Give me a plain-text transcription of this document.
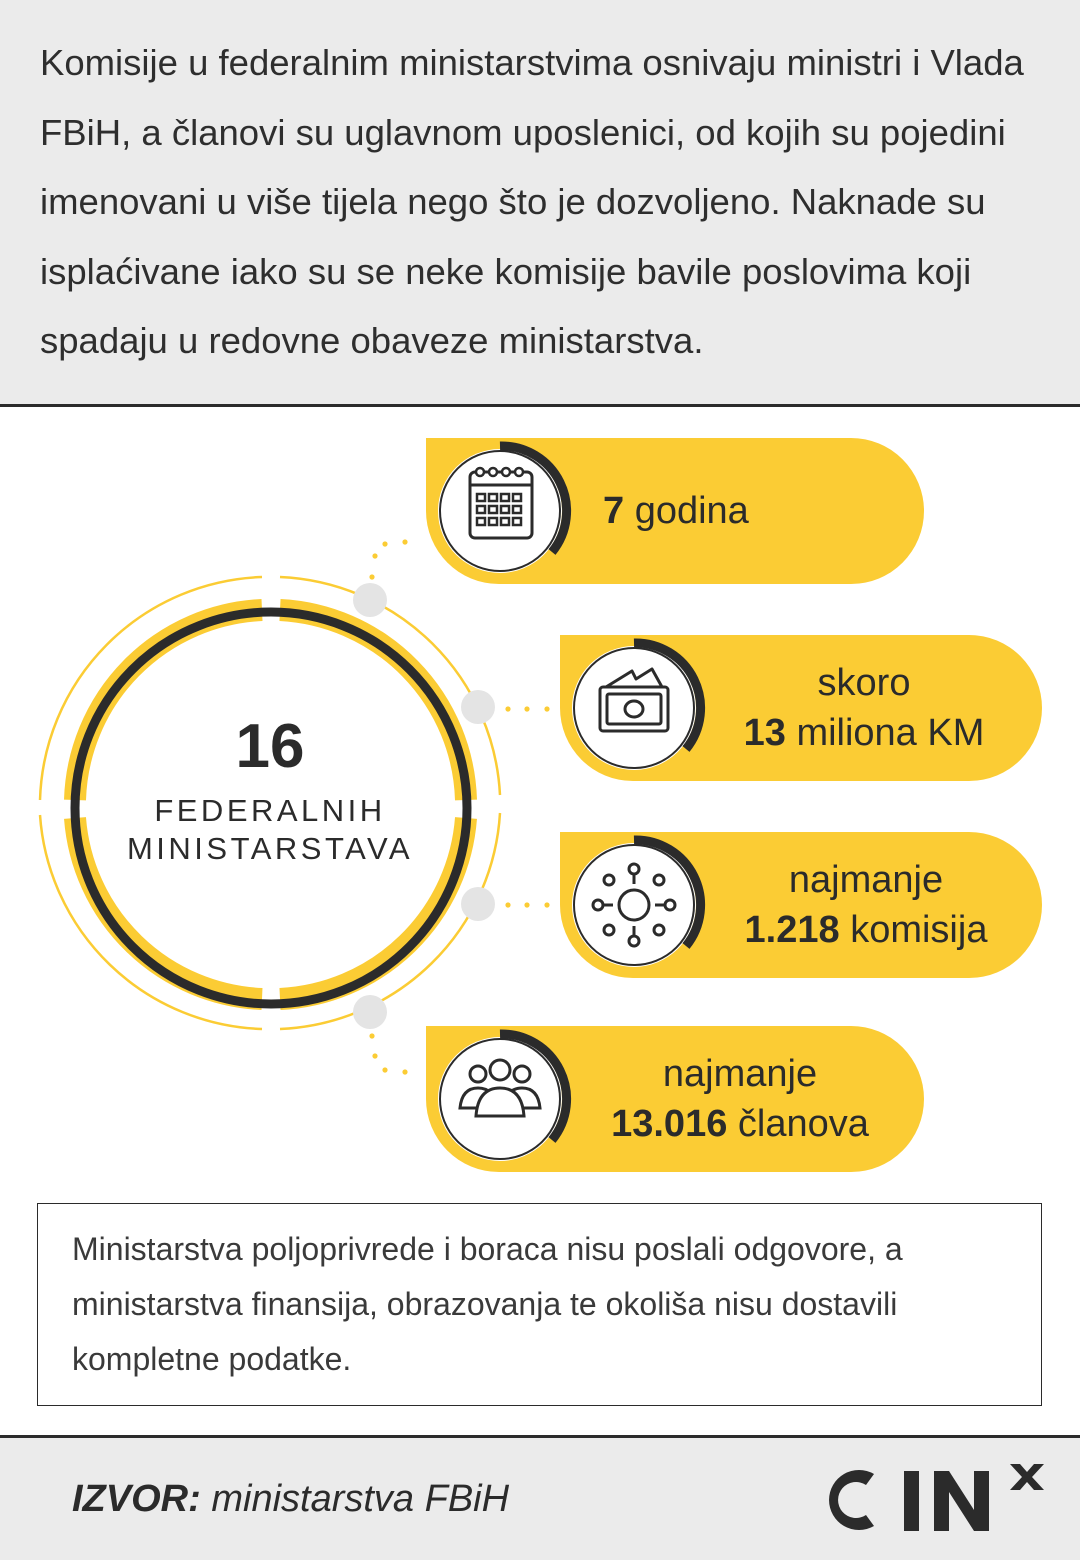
Komisije u federalnim ministarstvima osnivaju ministri i Vlada FBiH, a članovi su uglavnom uposlenici, od kojih su pojedini imenovani u više tijela nego što je dozvoljeno. Naknade su isplaćivane iako su se neke komisije bavile poslovima koji spadaju u redovne obaveze ministarstva.

16
FEDERALNIH
MINISTARSTAVA
7 godina
skoro
13 miliona KM
najmanje
1.218 komisija
najmanje
13.016 članova

Ministarstva poljoprivrede i boraca nisu poslali odgovore, a ministarstva finansija, obrazovanja te okoliša nisu dostavili kompletne podatke.

IZVOR: ministarstva FBiH
